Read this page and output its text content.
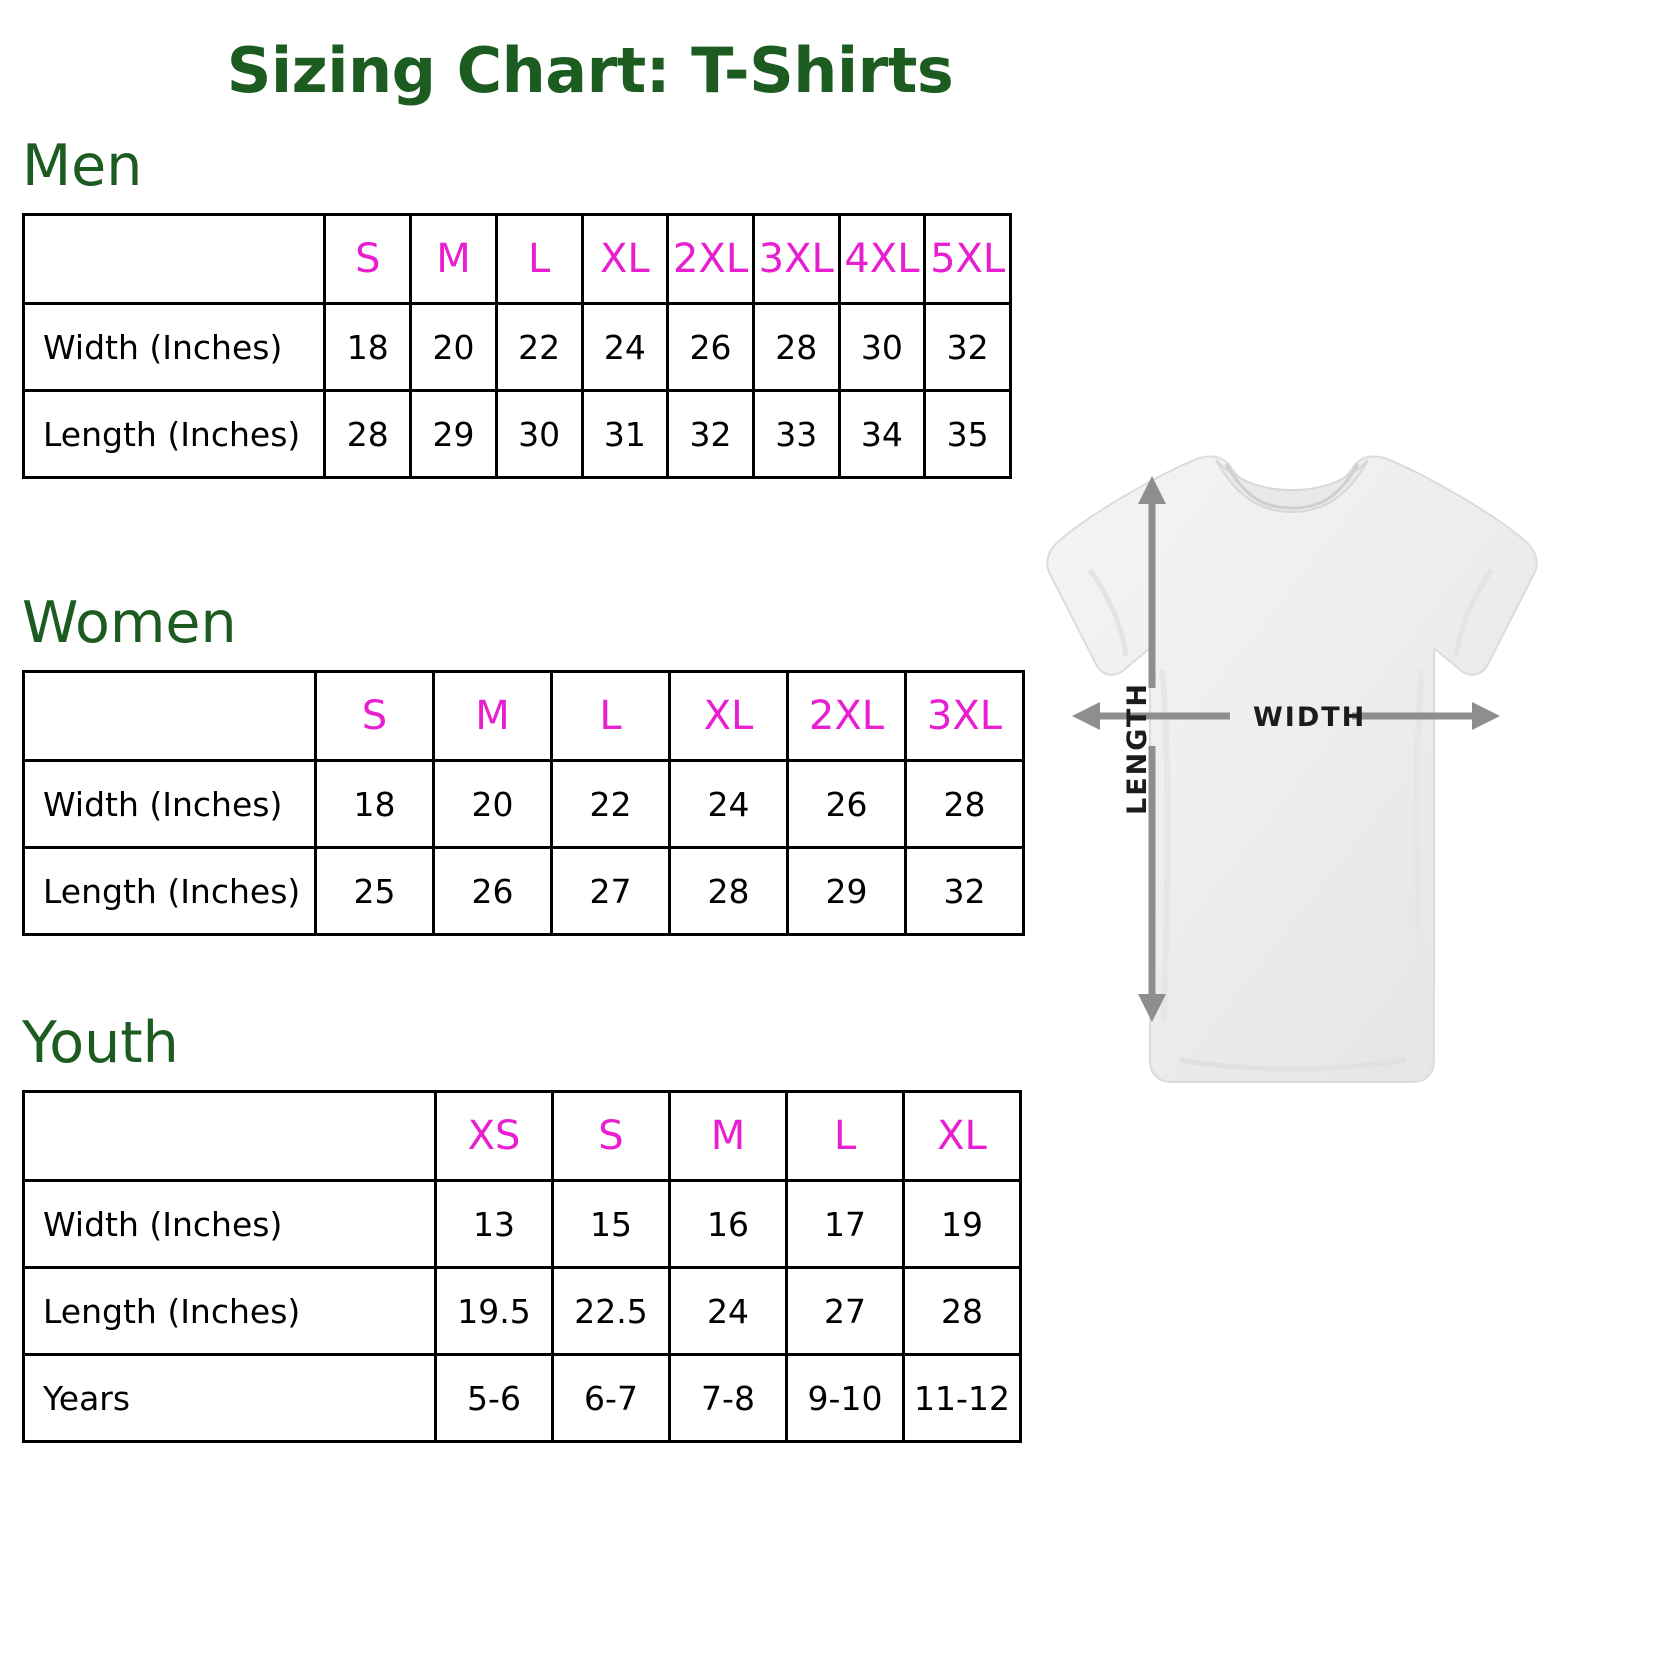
Sizing Chart: T-Shirts
Men
	S	M	L	XL	2XL	3XL	4XL	5XL
Width (Inches)	18	20	22	24	26	28	30	32
Length (Inches)	28	29	30	31	32	33	34	35
Women
	S	M	L	XL	2XL	3XL
Width (Inches)	18	20	22	24	26	28
Length (Inches)	25	26	27	28	29	32
Youth
	XS	S	M	L	XL
Width (Inches)	13	15	16	17	19
Length (Inches)	19.5	22.5	24	27	28
Years	5-6	6-7	7-8	9-10	11-12
WIDTH
LENGTH
